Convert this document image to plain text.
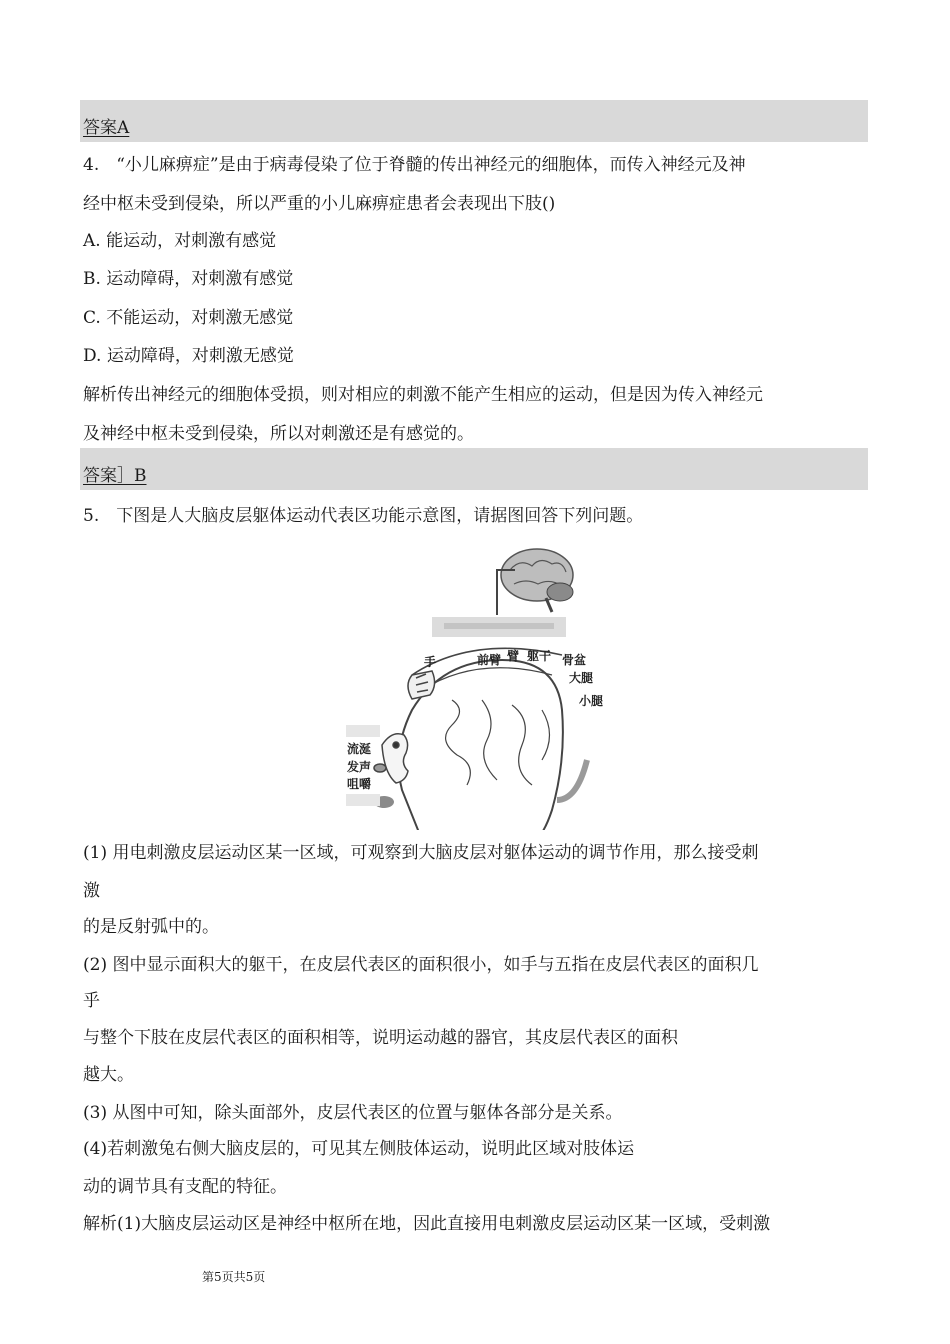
答案A
4.　“小儿麻痹症”是由于病毒侵染了位于脊髓的传出神经元的细胞体，而传入神经元及神
经中枢未受到侵染，所以严重的小儿麻痹症患者会表现出下肢()
A. 能运动，对刺激有感觉
B. 运动障碍，对刺激有感觉
C. 不能运动，对刺激无感觉
D. 运动障碍，对刺激无感觉
解析传出神经元的细胞体受损，则对相应的刺激不能产生相应的运动，但是因为传入神经元
及神经中枢未受到侵染，所以对刺激还是有感觉的。
答案］B
5.　下图是人大脑皮层躯体运动代表区功能示意图，请据图回答下列问题。
手	前臂 臂 躯干 骨盆
大腿
小腿
流涎
发声
咀嚼
(1) 用电刺激皮层运动区某一区域，可观察到大脑皮层对躯体运动的调节作用，那么接受刺
激
的是反射弧中的。
(2) 图中显示面积大的躯干，在皮层代表区的面积很小，如手与五指在皮层代表区的面积几
乎
与整个下肢在皮层代表区的面积相等，说明运动越的器官，其皮层代表区的面积
越大。
(3) 从图中可知，除头面部外，皮层代表区的位置与躯体各部分是关系。
(4)若刺激兔右侧大脑皮层的，可见其左侧肢体运动，说明此区域对肢体运
动的调节具有支配的特征。
解析(1)大脑皮层运动区是神经中枢所在地，因此直接用电刺激皮层运动区某一区域，受刺激
第5页共5页
